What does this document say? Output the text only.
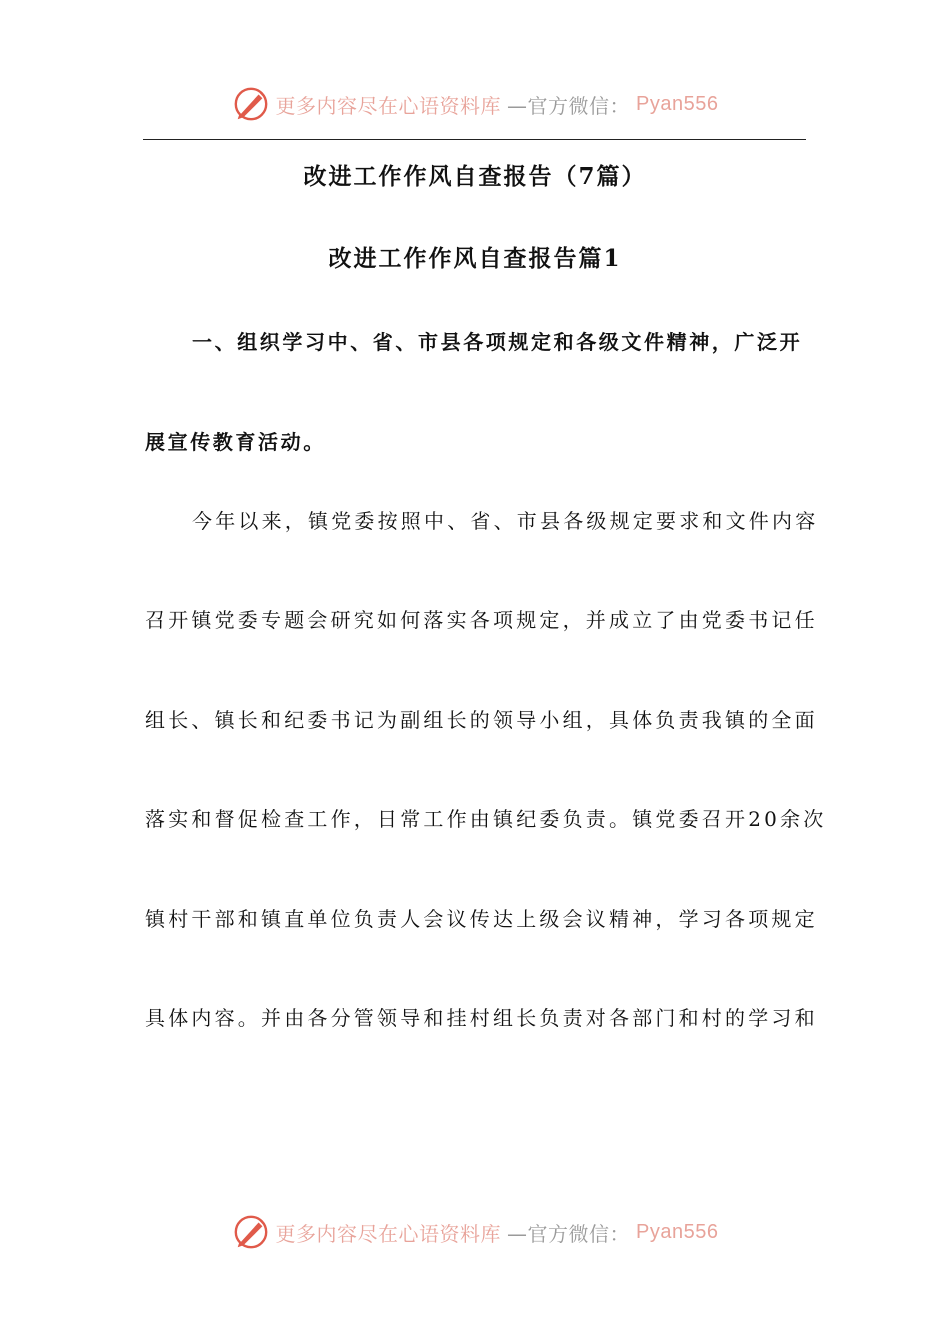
更多内容尽在心语资料库 —官方微信： Pyan556
改进工作作风自查报告（7篇）
改进工作作风自查报告篇1
一、组织学习中、省、市县各项规定和各级文件精神，广泛开
展宣传教育活动。
今年以来，镇党委按照中、省、市县各级规定要求和文件内容
召开镇党委专题会研究如何落实各项规定，并成立了由党委书记任
组长、镇长和纪委书记为副组长的领导小组，具体负责我镇的全面
落实和督促检查工作，日常工作由镇纪委负责。镇党委召开20余次
镇村干部和镇直单位负责人会议传达上级会议精神，学习各项规定
具体内容。并由各分管领导和挂村组长负责对各部门和村的学习和
更多内容尽在心语资料库 —官方微信： Pyan556
